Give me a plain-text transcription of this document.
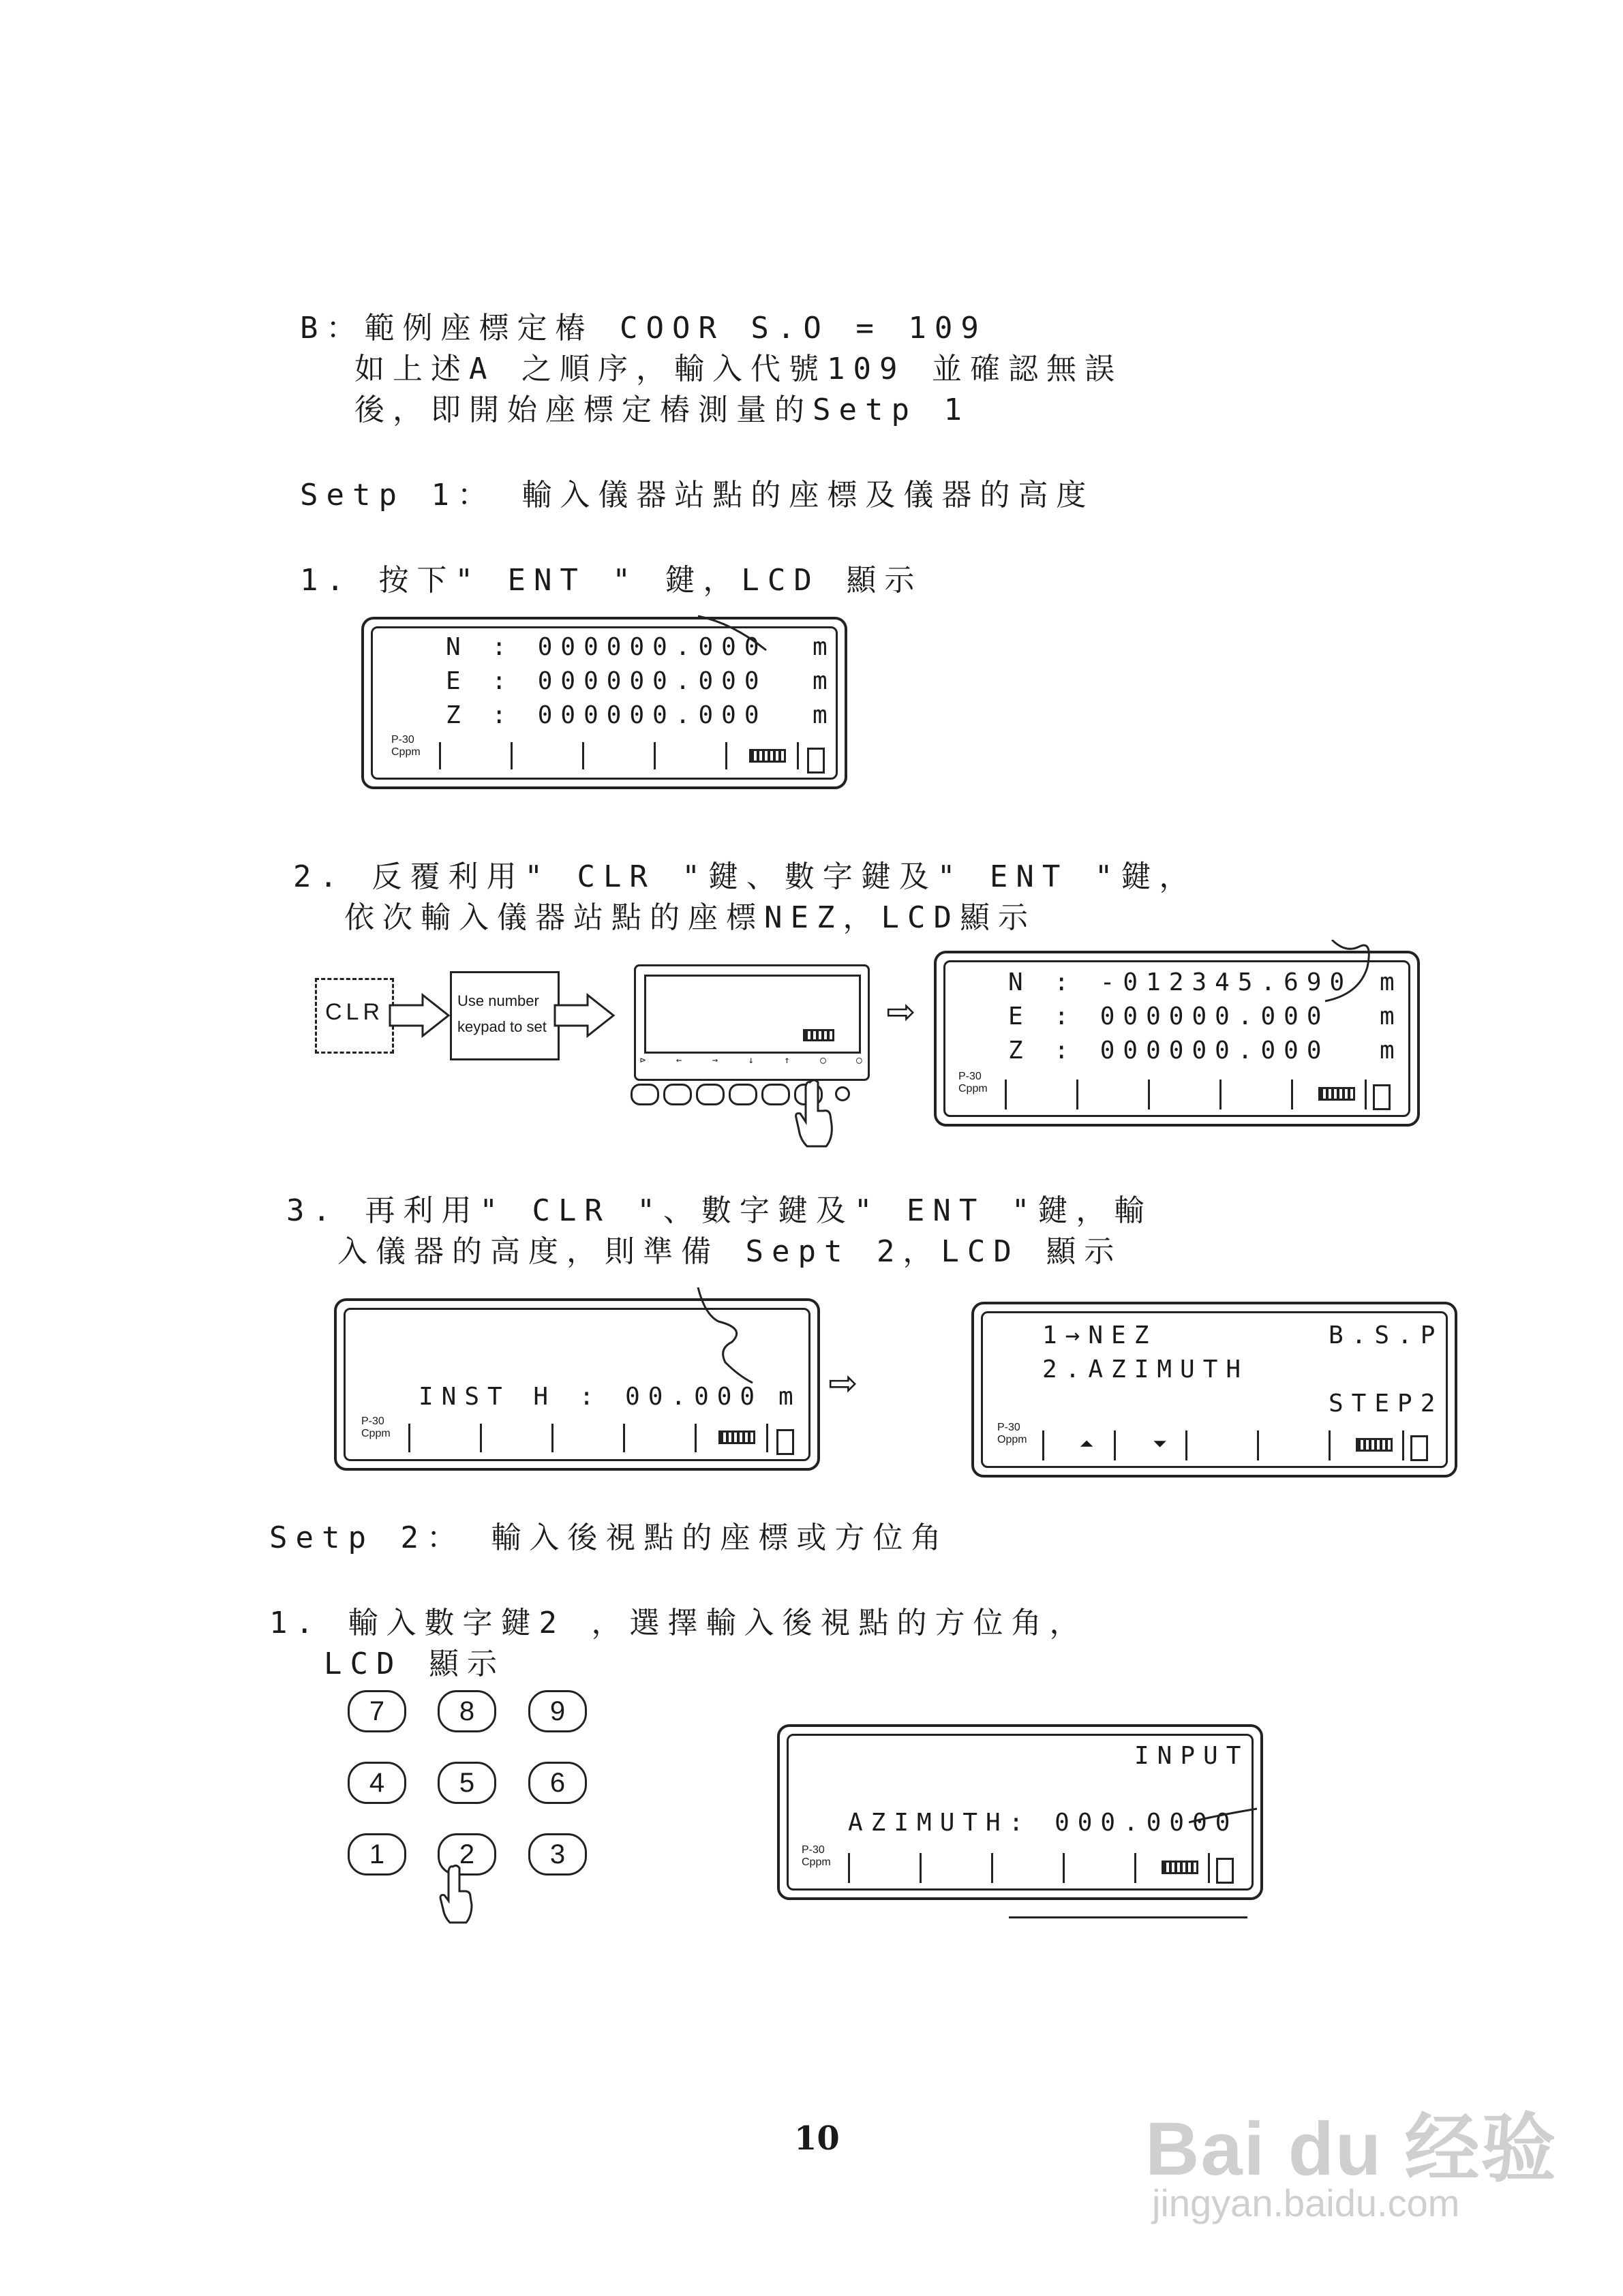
B：範例座標定樁 COOR S.O = 109
如上述A 之順序，輸入代號109 並確認無誤
後，即開始座標定樁測量的Setp 1
Setp 1： 輸入儀器站點的座標及儀器的高度
1. 按下" ENT " 鍵，LCD 顯示
N : 000000.000 m
E : 000000.000 m
Z : 000000.000 m
P-30
Cppm
2. 反覆利用" CLR "鍵、數字鍵及" ENT "鍵，
依次輸入儀器站點的座標NEZ，LCD顯示
CLR	Use number
keypad to set
⊳ ← → ↓ ↑ ◯ ◯
⇨
N : -012345.690 m
E : 000000.000 m
Z : 000000.000 m
P-30
Cppm
3. 再利用" CLR "、數字鍵及" ENT "鍵，輸
入儀器的高度，則準備 Sept 2，LCD 顯示
INST H : 00.000 m
P-30
Cppm
⇨
1→NEZ	B.S.P
2.AZIMUTH
STEP2
P-30
Oppm	⏶	⏷
Setp 2： 輸入後視點的座標或方位角
1. 輸入數字鍵2 ，選擇輸入後視點的方位角，
LCD 顯示
7	8	9
4	5	6
1	2	3
INPUT
AZIMUTH: 000.0000
P-30
Cppm
10	Bai du 经验
jingyan.baidu.com
